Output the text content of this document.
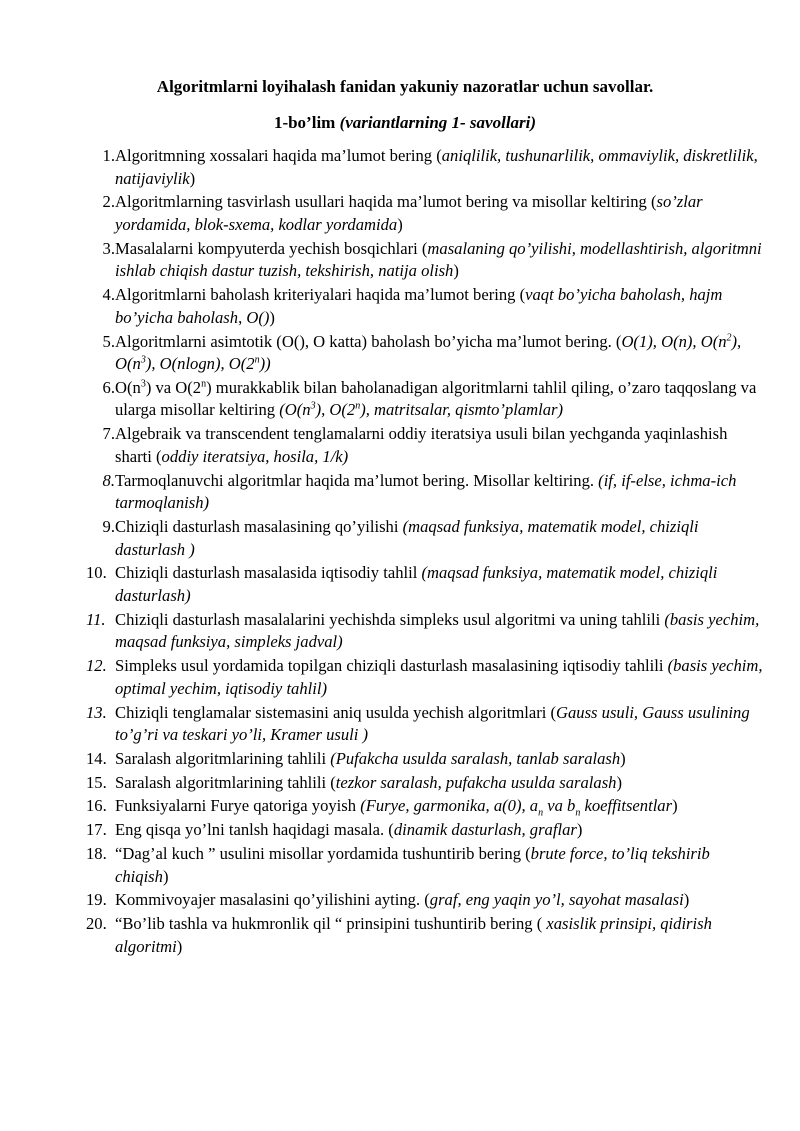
Algoritmlarni loyihalash fanidan yakuniy nazoratlar uchun savollar.
1-bo’lim (variantlarning 1- savollari)
1. Algoritmning xossalari haqida ma’lumot bering (aniqlilik, tushunarlilik, ommaviylik, diskretlilik, natijaviylik)
2. Algoritmlarning tasvirlash usullari haqida ma’lumot bering va misollar keltiring (so’zlar yordamida, blok-sxema, kodlar yordamida)
3. Masalalarni kompyuterda yechish bosqichlari (masalaning qo’yilishi, modellashtirish, algoritmni ishlab chiqish dastur tuzish, tekshirish, natija olish)
4. Algoritmlarni baholash kriteriyalari haqida ma’lumot bering (vaqt bo’yicha baholash, hajm bo’yicha baholash, O())
5. Algoritmlarni asimtotik (O(), O katta) baholash bo’yicha ma’lumot bering. (O(1), O(n), $O(n^2)$, $O(n^3)$, O(nlogn), O(2$^n$))
6. $O(n^3)$ va O(2$^n$) murakkablik bilan baholanadigan algoritmlarni tahlil qiling, o’zaro taqqoslang va ularga misollar keltiring ($O(n^3)$, O(2$^n$), matritsalar, qismto’plamlar)
7. Algebraik va transcendent tenglamalarni oddiy iteratsiya usuli bilan yechganda yaqinlashish sharti (oddiy iteratsiya, hosila, 1/k)
8. Tarmoqlanuvchi algoritmlar haqida ma’lumot bering. Misollar keltiring. (if, if-else, ichma-ich tarmoqlanish)
9. Chiziqli dasturlash masalasining qo’yilishi (maqsad funksiya, matematik model, chiziqli dasturlash )
10. Chiziqli dasturlash masalasida iqtisodiy tahlil (maqsad funksiya, matematik model, chiziqli dasturlash)
11. Chiziqli dasturlash masalalarini yechishda simpleks usul algoritmi va uning tahlili (basis yechim, maqsad funksiya, simpleks jadval)
12. Simpleks usul yordamida topilgan chiziqli dasturlash masalasining iqtisodiy tahlili (basis yechim, optimal yechim, iqtisodiy tahlil)
13. Chiziqli tenglamalar sistemasini aniq usulda yechish algoritmlari (Gauss usuli, Gauss usulining to’g’ri va teskari yo’li, Kramer usuli )
14. Saralash algoritmlarining tahlili (Pufakcha usulda saralash, tanlab saralash)
15. Saralash algoritmlarining tahlili (tezkor saralash, pufakcha usulda saralash)
16. Funksiyalarni Furye qatoriga yoyish (Furye, garmonika, a(0), $a_n$ va $b_n$ koeffitsentlar)
17. Eng qisqa yo’lni tanlsh haqidagi masala. (dinamik dasturlash, graflar)
18. “Dag’al kuch ” usulini misollar yordamida tushuntirib bering (brute force, to’liq tekshirib chiqish)
19. Kommivoyajer masalasini qo’yilishini ayting. (graf, eng yaqin yo’l, sayohat masalasi)
20. “Bo’lib tashla va hukmronlik qil “ prinsipini tushuntirib bering ( xasislik prinsipi, qidirish algoritmi)
